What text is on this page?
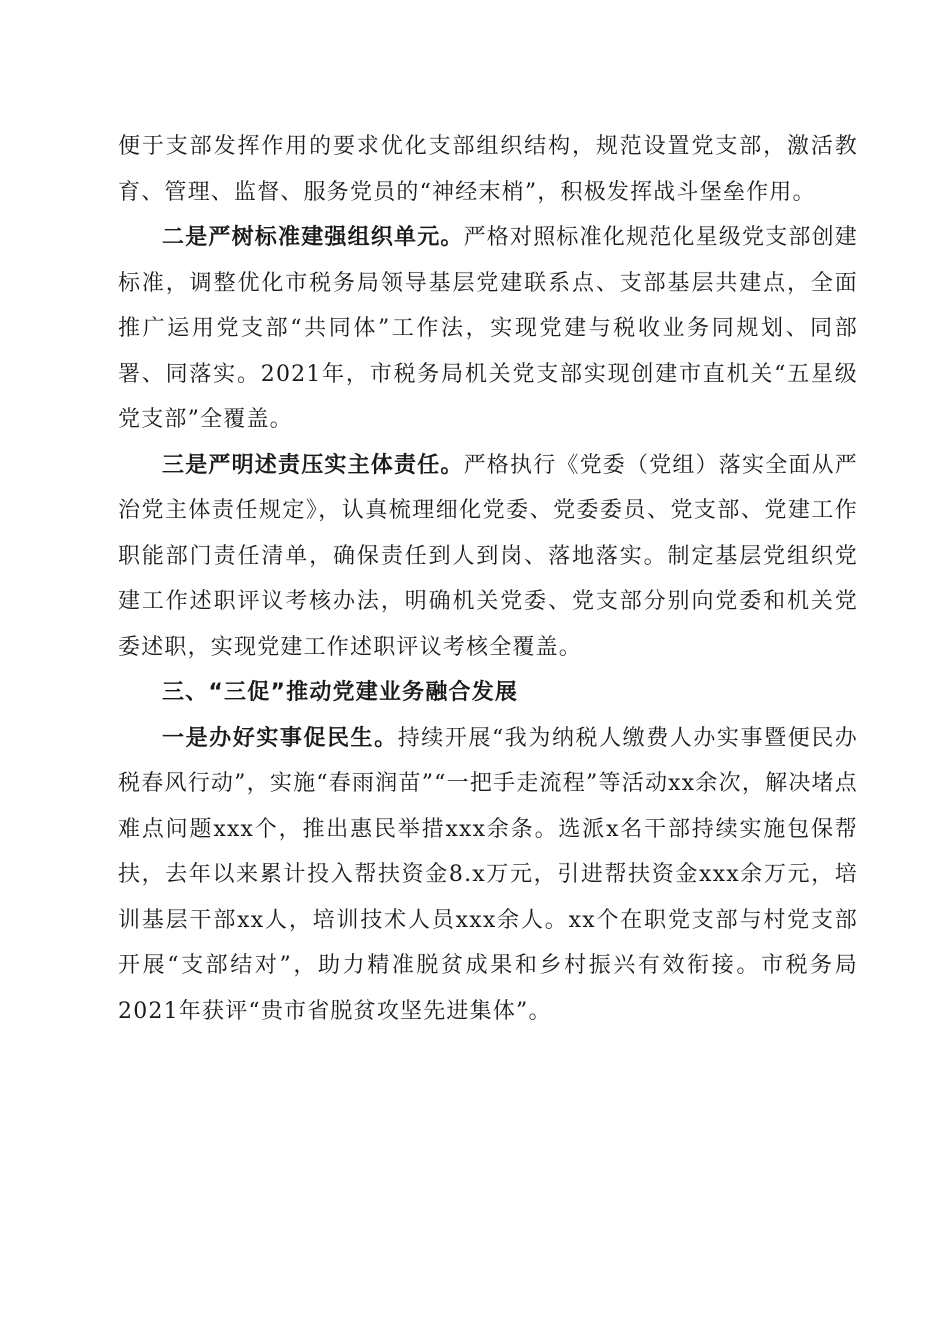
便于支部发挥作用的要求优化支部组织结构，规范设置党支部，激活教育、管理、监督、服务党员的“神经末梢”，积极发挥战斗堡垒作用。

二是严树标准建强组织单元。严格对照标准化规范化星级党支部创建标准，调整优化市税务局领导基层党建联系点、支部基层共建点，全面推广运用党支部“共同体”工作法，实现党建与税收业务同规划、同部署、同落实。2021年，市税务局机关党支部实现创建市直机关“五星级党支部”全覆盖。

三是严明述责压实主体责任。严格执行《党委（党组）落实全面从严治党主体责任规定》，认真梳理细化党委、党委委员、党支部、党建工作职能部门责任清单，确保责任到人到岗、落地落实。制定基层党组织党建工作述职评议考核办法，明确机关党委、党支部分别向党委和机关党委述职，实现党建工作述职评议考核全覆盖。

三、“三促”推动党建业务融合发展

一是办好实事促民生。持续开展“我为纳税人缴费人办实事暨便民办税春风行动”，实施“春雨润苗”“一把手走流程”等活动xx余次，解决堵点难点问题xxx个，推出惠民举措xxx余条。选派x名干部持续实施包保帮扶，去年以来累计投入帮扶资金8.x万元，引进帮扶资金xxx余万元，培训基层干部xx人，培训技术人员xxx余人。xx个在职党支部与村党支部开展“支部结对”，助力精准脱贫成果和乡村振兴有效衔接。市税务局2021年获评“贵市省脱贫攻坚先进集体”。
